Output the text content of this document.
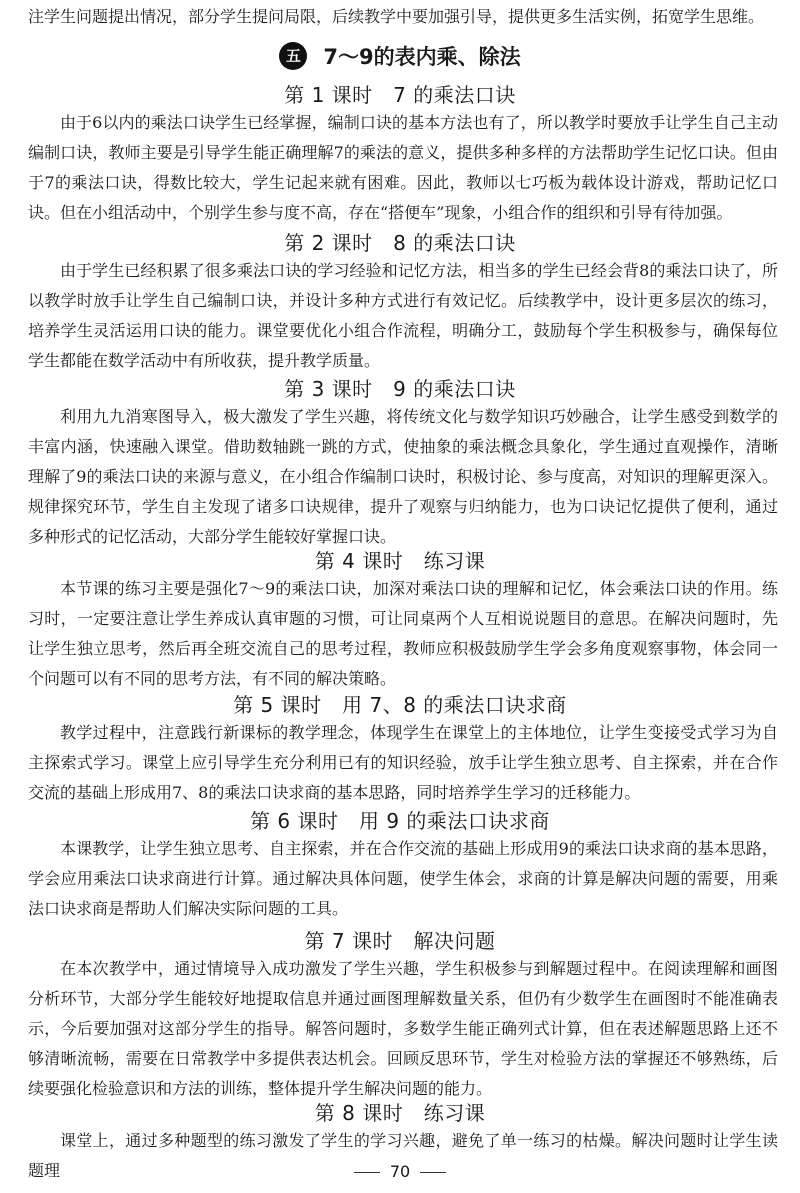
注学生问题提出情况，部分学生提问局限，后续教学中要加强引导，提供更多生活实例，拓宽学生思维。

五 7～9的表内乘、除法
第 1 课时　7 的乘法口诀

由于6以内的乘法口诀学生已经掌握，编制口诀的基本方法也有了，所以教学时要放手让学生自己主动编制口诀，教师主要是引导学生能正确理解7的乘法的意义，提供多种多样的方法帮助学生记忆口诀。但由于7的乘法口诀，得数比较大，学生记起来就有困难。因此，教师以七巧板为载体设计游戏，帮助记忆口诀。但在小组活动中，个别学生参与度不高，存在“搭便车”现象，小组合作的组织和引导有待加强。

第 2 课时　8 的乘法口诀

由于学生已经积累了很多乘法口诀的学习经验和记忆方法，相当多的学生已经会背8的乘法口诀了，所以教学时放手让学生自己编制口诀，并设计多种方式进行有效记忆。后续教学中，设计更多层次的练习，培养学生灵活运用口诀的能力。课堂要优化小组合作流程，明确分工，鼓励每个学生积极参与，确保每位学生都能在数学活动中有所收获，提升教学质量。

第 3 课时　9 的乘法口诀

利用九九消寒图导入，极大激发了学生兴趣，将传统文化与数学知识巧妙融合，让学生感受到数学的丰富内涵，快速融入课堂。借助数轴跳一跳的方式，使抽象的乘法概念具象化，学生通过直观操作，清晰理解了9的乘法口诀的来源与意义，在小组合作编制口诀时，积极讨论、参与度高，对知识的理解更深入。规律探究环节，学生自主发现了诸多口诀规律，提升了观察与归纳能力，也为口诀记忆提供了便利，通过多种形式的记忆活动，大部分学生能较好掌握口诀。

第 4 课时　练习课

本节课的练习主要是强化7～9的乘法口诀，加深对乘法口诀的理解和记忆，体会乘法口诀的作用。练习时，一定要注意让学生养成认真审题的习惯，可让同桌两个人互相说说题目的意思。在解决问题时，先让学生独立思考，然后再全班交流自己的思考过程，教师应积极鼓励学生学会多角度观察事物，体会同一个问题可以有不同的思考方法，有不同的解决策略。

第 5 课时　用 7、8 的乘法口诀求商

教学过程中，注意践行新课标的教学理念，体现学生在课堂上的主体地位，让学生变接受式学习为自主探索式学习。课堂上应引导学生充分利用已有的知识经验，放手让学生独立思考、自主探索，并在合作交流的基础上形成用7、8的乘法口诀求商的基本思路，同时培养学生学习的迁移能力。

第 6 课时　用 9 的乘法口诀求商

本课教学，让学生独立思考、自主探索，并在合作交流的基础上形成用9的乘法口诀求商的基本思路，学会应用乘法口诀求商进行计算。通过解决具体问题，使学生体会，求商的计算是解决问题的需要，用乘法口诀求商是帮助人们解决实际问题的工具。

第 7 课时　解决问题

在本次教学中，通过情境导入成功激发了学生兴趣，学生积极参与到解题过程中。在阅读理解和画图分析环节，大部分学生能较好地提取信息并通过画图理解数量关系，但仍有少数学生在画图时不能准确表示，今后要加强对这部分学生的指导。解答问题时，多数学生能正确列式计算，但在表述解题思路上还不够清晰流畅，需要在日常教学中多提供表达机会。回顾反思环节，学生对检验方法的掌握还不够熟练，后续要强化检验意识和方法的训练，整体提升学生解决问题的能力。

第 8 课时　练习课

课堂上，通过多种题型的练习激发了学生的学习兴趣，避免了单一练习的枯燥。解决问题时让学生读题理	70
